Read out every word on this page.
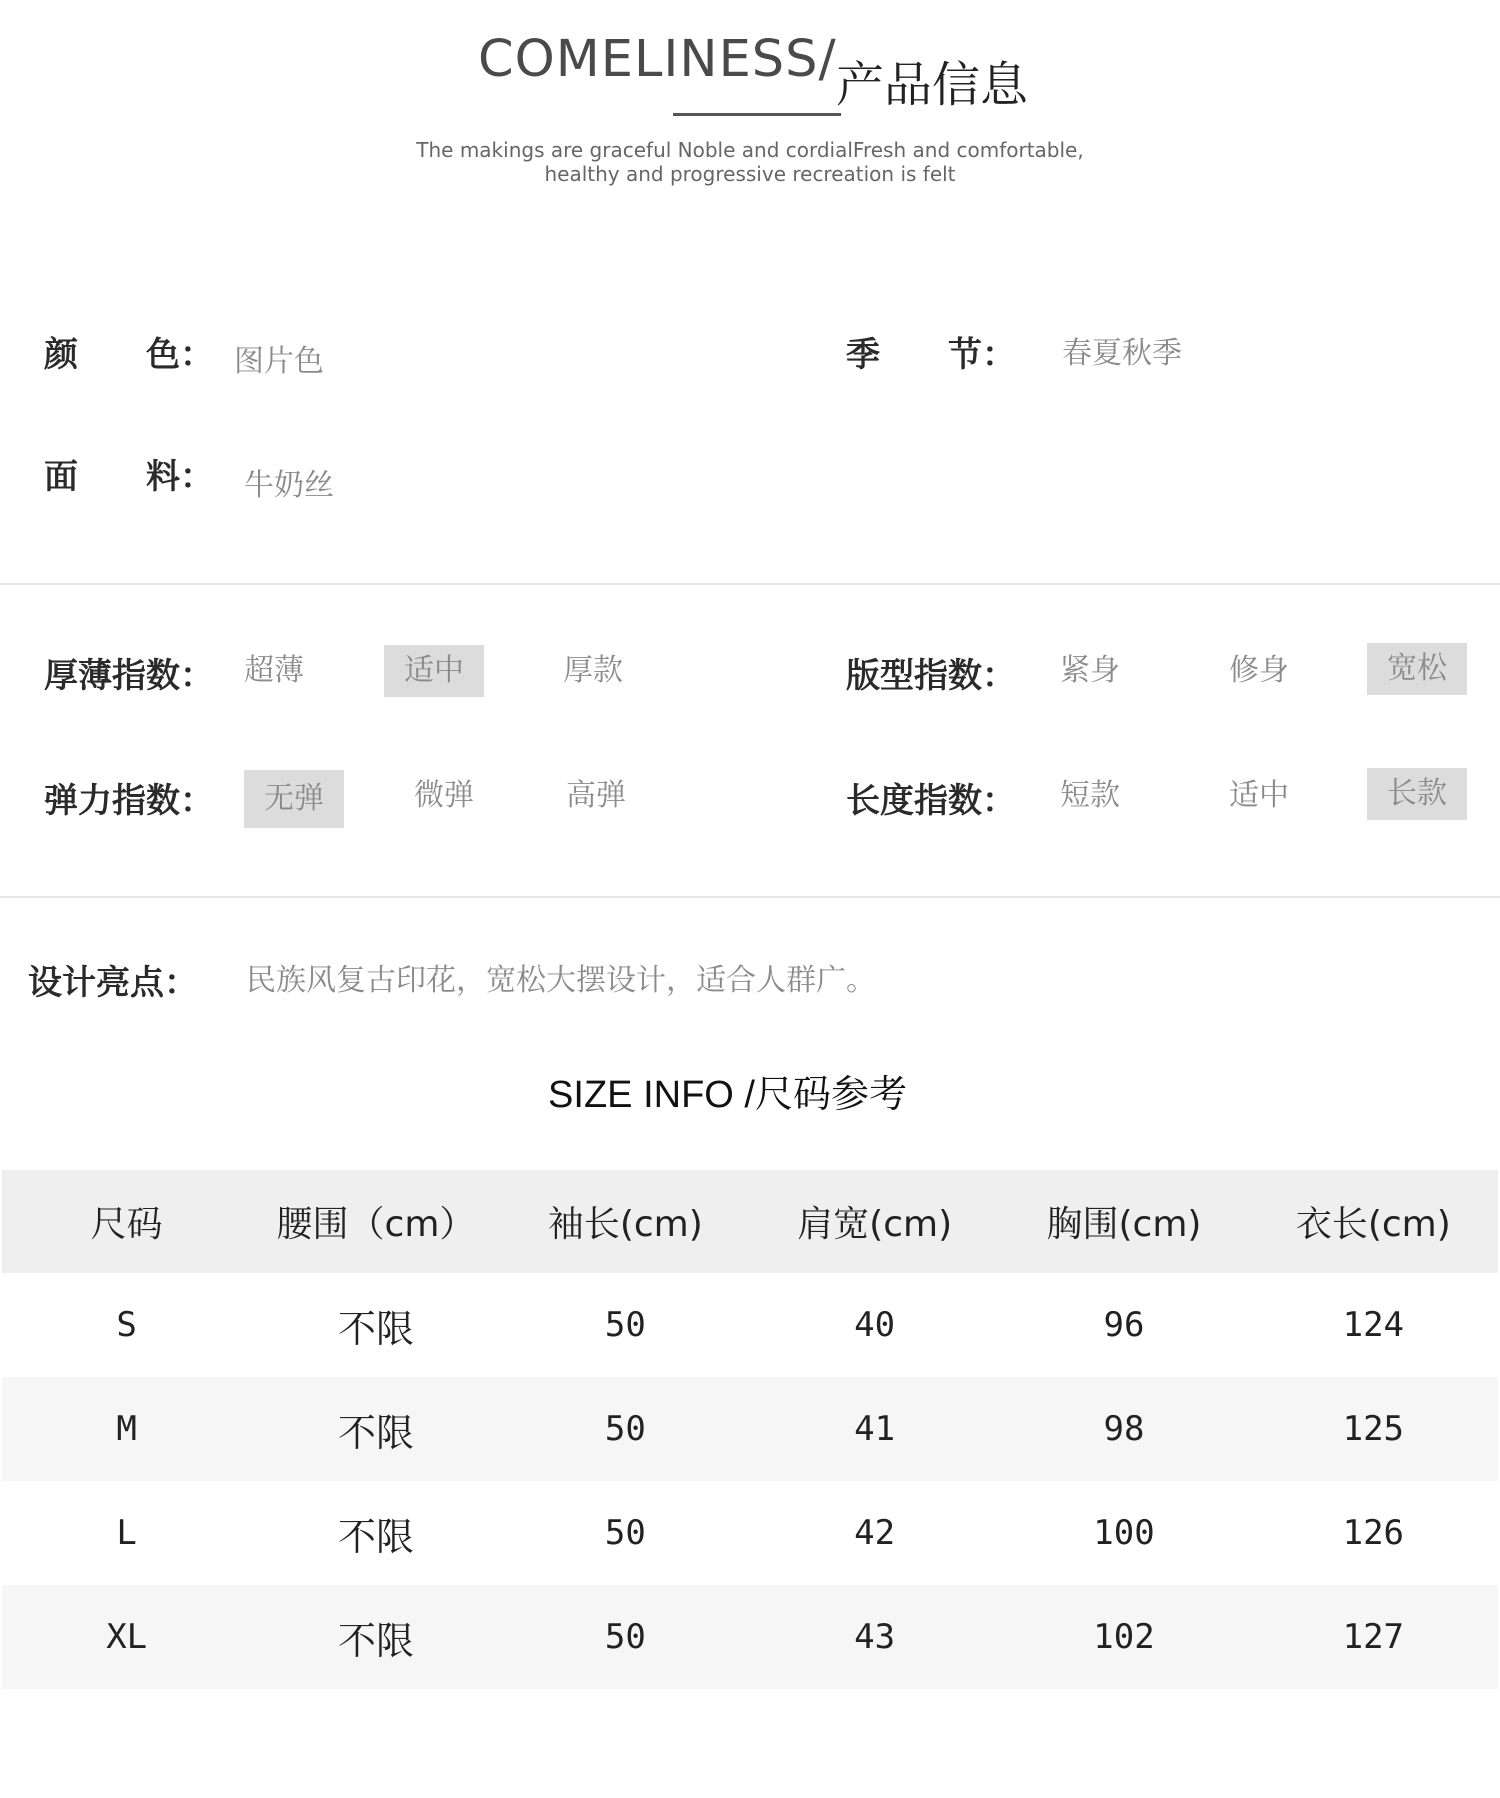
COMELINESS/ 产品信息
The makings are graceful Noble and cordialFresh and comfortable,
healthy and progressive recreation is felt
颜　　色： 图片色	季　　节： 春夏秋季
面　　料： 牛奶丝
厚薄指数：	超薄	适中	厚款	版型指数：	紧身	修身	宽松
弹力指数：	无弹	微弹	高弹	长度指数：	短款	适中	长款
设计亮点： 民族风复古印花，宽松大摆设计，适合人群广。
SIZE INFO /尺码参考
尺码	腰围（cm）	袖长(cm)	肩宽(cm)	胸围(cm)	衣长(cm)
S	不限	50	40	96	124
M	不限	50	41	98	125
L	不限	50	42	100	126
XL	不限	50	43	102	127
